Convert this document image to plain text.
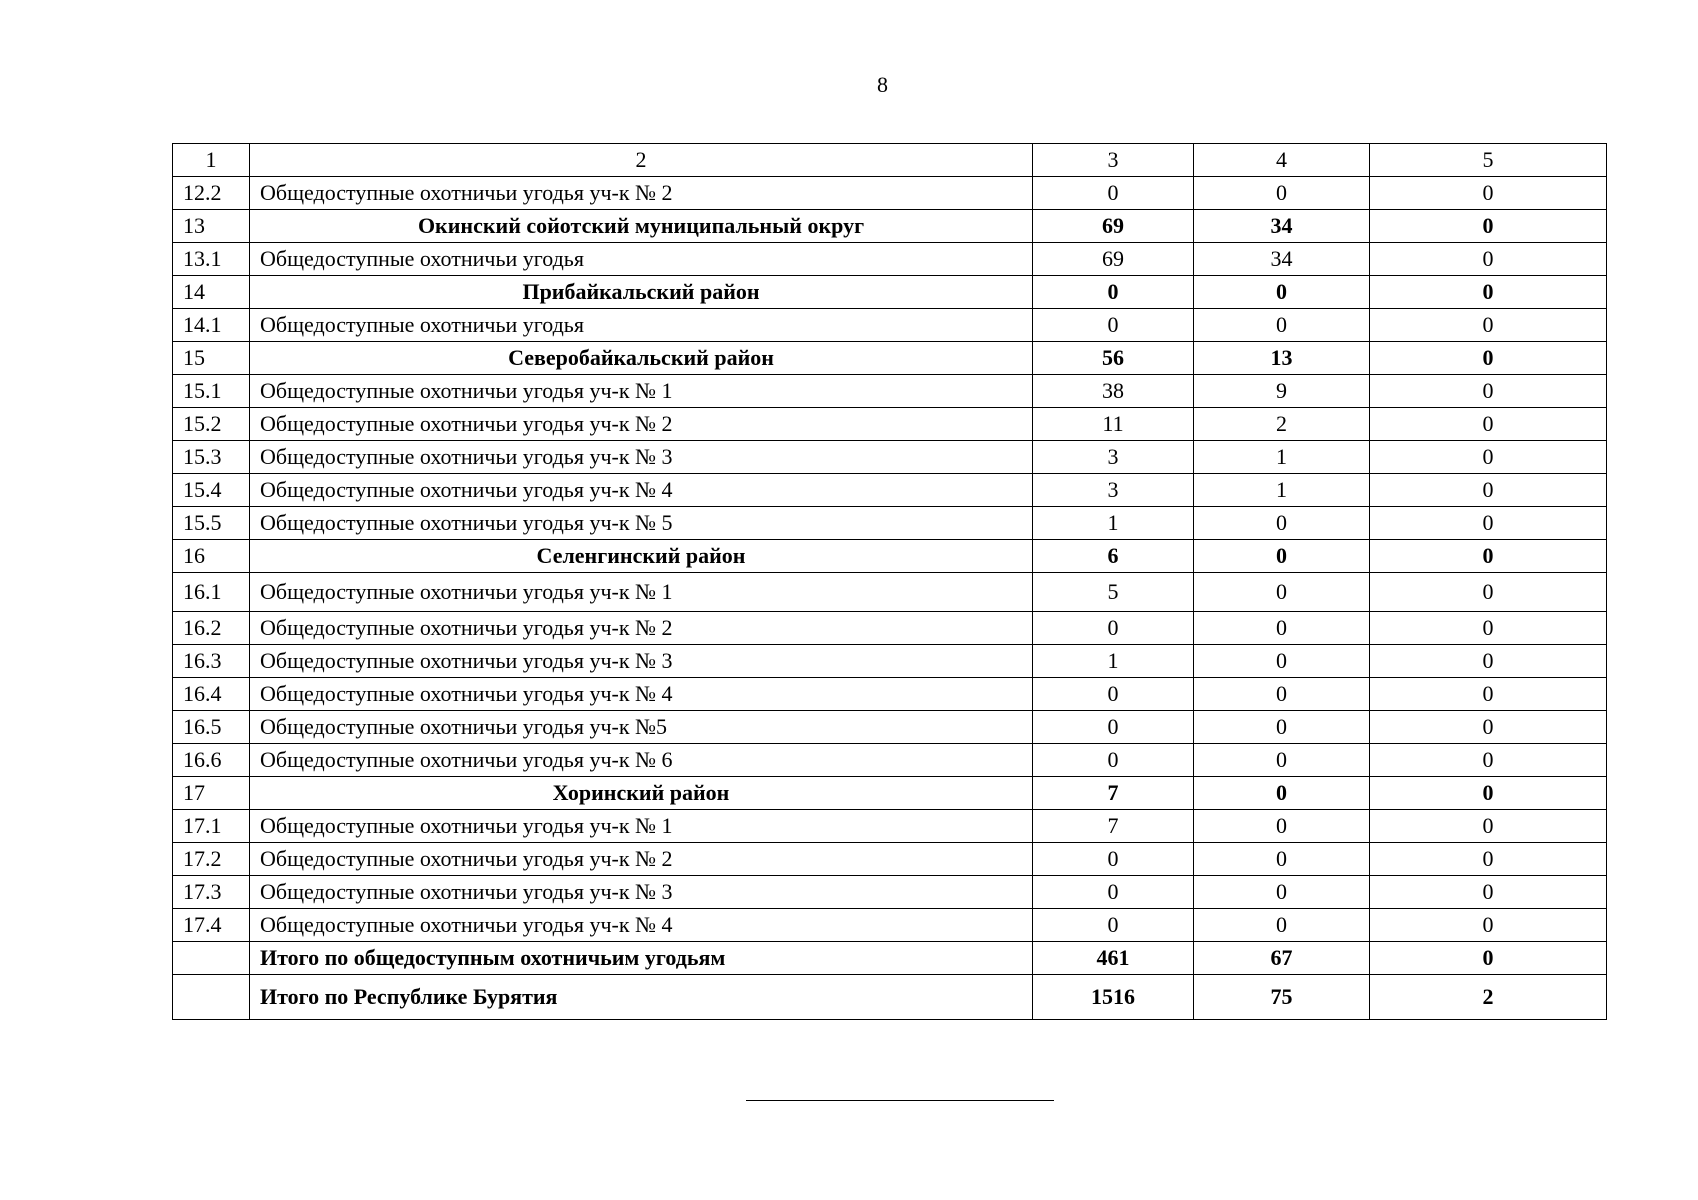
8
1	2	3	4	5
12.2	Общедоступные охотничьи угодья уч-к № 2	0	0	0
13	Окинский сойотский муниципальный округ	69	34	0
13.1	Общедоступные охотничьи угодья	69	34	0
14	Прибайкальский район	0	0	0
14.1	Общедоступные охотничьи угодья	0	0	0
15	Северобайкальский район	56	13	0
15.1	Общедоступные охотничьи угодья уч-к № 1	38	9	0
15.2	Общедоступные охотничьи угодья уч-к № 2	11	2	0
15.3	Общедоступные охотничьи угодья уч-к № 3	3	1	0
15.4	Общедоступные охотничьи угодья уч-к № 4	3	1	0
15.5	Общедоступные охотничьи угодья уч-к № 5	1	0	0
16	Селенгинский район	6	0	0
16.1	Общедоступные охотничьи угодья уч-к № 1	5	0	0
16.2	Общедоступные охотничьи угодья уч-к № 2	0	0	0
16.3	Общедоступные охотничьи угодья уч-к № 3	1	0	0
16.4	Общедоступные охотничьи угодья уч-к № 4	0	0	0
16.5	Общедоступные охотничьи угодья уч-к №5	0	0	0
16.6	Общедоступные охотничьи угодья уч-к № 6	0	0	0
17	Хоринский район	7	0	0
17.1	Общедоступные охотничьи угодья уч-к № 1	7	0	0
17.2	Общедоступные охотничьи угодья уч-к № 2	0	0	0
17.3	Общедоступные охотничьи угодья уч-к № 3	0	0	0
17.4	Общедоступные охотничьи угодья уч-к № 4	0	0	0
	Итого по общедоступным охотничьим угодьям	461	67	0
	Итого по Республике Бурятия	1516	75	2
